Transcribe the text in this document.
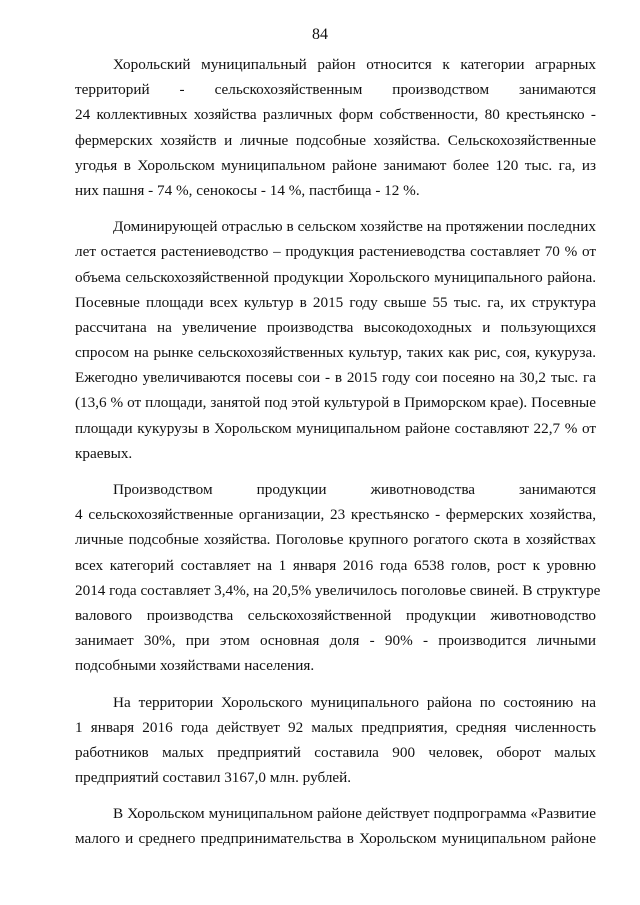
84
Хорольский муниципальный район относится к категории аграрных
территорий - сельскохозяйственным производством занимаются
24 коллективных хозяйства различных форм собственности, 80 крестьянско -
фермерских хозяйств и личные подсобные хозяйства. Сельскохозяйственные
угодья в Хорольском муниципальном районе занимают более 120 тыс. га, из
них пашня - 74 %, сенокосы - 14 %, пастбища - 12 %.
Доминирующей отраслью в сельском хозяйстве на протяжении последних
лет остается растениеводство – продукция растениеводства составляет 70 % от
объема сельскохозяйственной продукции Хорольского муниципального района.
Посевные площади всех культур в 2015 году свыше 55 тыс. га, их структура
рассчитана на увеличение производства высокодоходных и пользующихся
спросом на рынке сельскохозяйственных культур, таких как рис, соя, кукуруза.
Ежегодно увеличиваются посевы сои - в 2015 году сои посеяно на 30,2 тыс. га
(13,6 % от площади, занятой под этой культурой в Приморском крае). Посевные
площади кукурузы в Хорольском муниципальном районе составляют 22,7 % от
краевых.
Производством продукции животноводства занимаются
4 сельскохозяйственные организации, 23 крестьянско - фермерских хозяйства,
личные подсобные хозяйства. Поголовье крупного рогатого скота в хозяйствах
всех категорий составляет на 1 января 2016 года 6538 голов, рост к уровню
2014 года составляет 3,4%, на 20,5% увеличилось поголовье свиней. В структуре
валового производства сельскохозяйственной продукции животноводство
занимает 30%, при этом основная доля - 90% - производится личными
подсобными хозяйствами населения.
На территории Хорольского муниципального района по состоянию на
1 января 2016 года действует 92 малых предприятия, средняя численность
работников малых предприятий составила 900 человек, оборот малых
предприятий составил 3167,0 млн. рублей.
В Хорольском муниципальном районе действует подпрограмма «Развитие
малого и среднего предпринимательства в Хорольском муниципальном районе
